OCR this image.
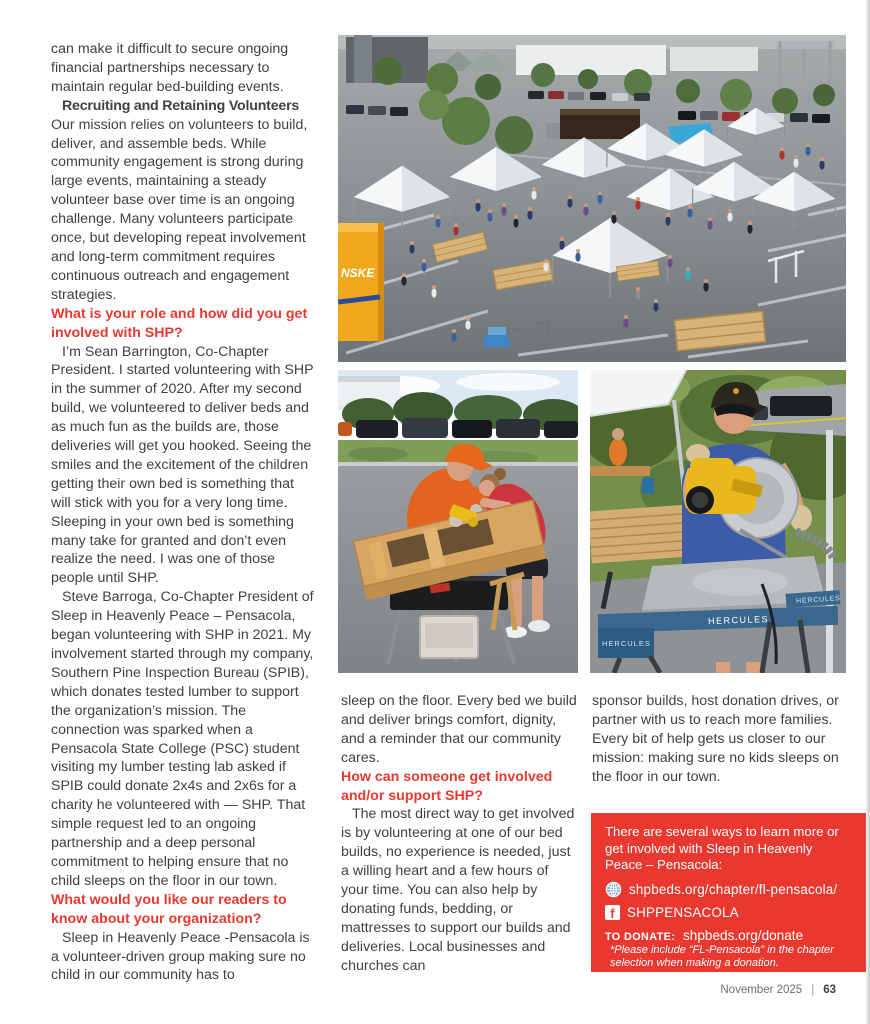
can make it difficult to secure ongoing financial partnerships necessary to maintain regular bed-building events.

Recruiting and Retaining Volunteers

Our mission relies on volunteers to build, deliver, and assemble beds. While community engagement is strong during large events, maintaining a steady volunteer base over time is an ongoing challenge. Many volunteers participate once, but developing repeat involvement and long-term commitment requires continuous outreach and engagement strategies.

What is your role and how did you get involved with SHP?

I’m Sean Barrington, Co-Chapter President. I started volunteering with SHP in the summer of 2020. After my second build, we volunteered to deliver beds and as much fun as the builds are, those deliveries will get you hooked. Seeing the smiles and the excitement of the children getting their own bed is something that will stick with you for a very long time. Sleeping in your own bed is something many take for granted and don’t even realize the need. I was one of those people until SHP.

Steve Barroga, Co-Chapter President of Sleep in Heavenly Peace – Pensacola, began volunteering with SHP in 2021. My involvement started through my company, Southern Pine Inspection Bureau (SPIB), which donates tested lumber to support the organization’s mission. The connection was sparked when a Pensacola State College (PSC) student visiting my lumber testing lab asked if SPIB could donate 2x4s and 2x6s for a charity he volunteered with — SHP. That simple request led to an ongoing partnership and a deep personal commitment to helping ensure that no child sleeps on the floor in our town.

What would you like our readers to know about your organization?

Sleep in Heavenly Peace -Pensacola is a volunteer-driven group making sure no child in our community has to

NSKE
HERCULES
HERCULES
HERCULES

sleep on the floor. Every bed we build and deliver brings comfort, dignity, and a reminder that our community cares.

How can someone get involved and/or support SHP?

The most direct way to get involved is by volunteering at one of our bed builds, no experience is needed, just a willing heart and a few hours of your time. You can also help by donating funds, bedding, or mattresses to support our builds and deliveries. Local businesses and churches can

sponsor builds, host donation drives, or partner with us to reach more families. Every bit of help gets us closer to our mission: making sure no kids sleeps on the floor in our town.

There are several ways to learn more or get involved with Sleep in Heavenly Peace – Pensacola:

shpbeds.org/chapter/fl-pensacola/
f SHPPENSACOLA
TO DONATE: shpbeds.org/donate

*Please include “FL-Pensacola” in the chapter selection when making a donation.

November 2025 | 63
